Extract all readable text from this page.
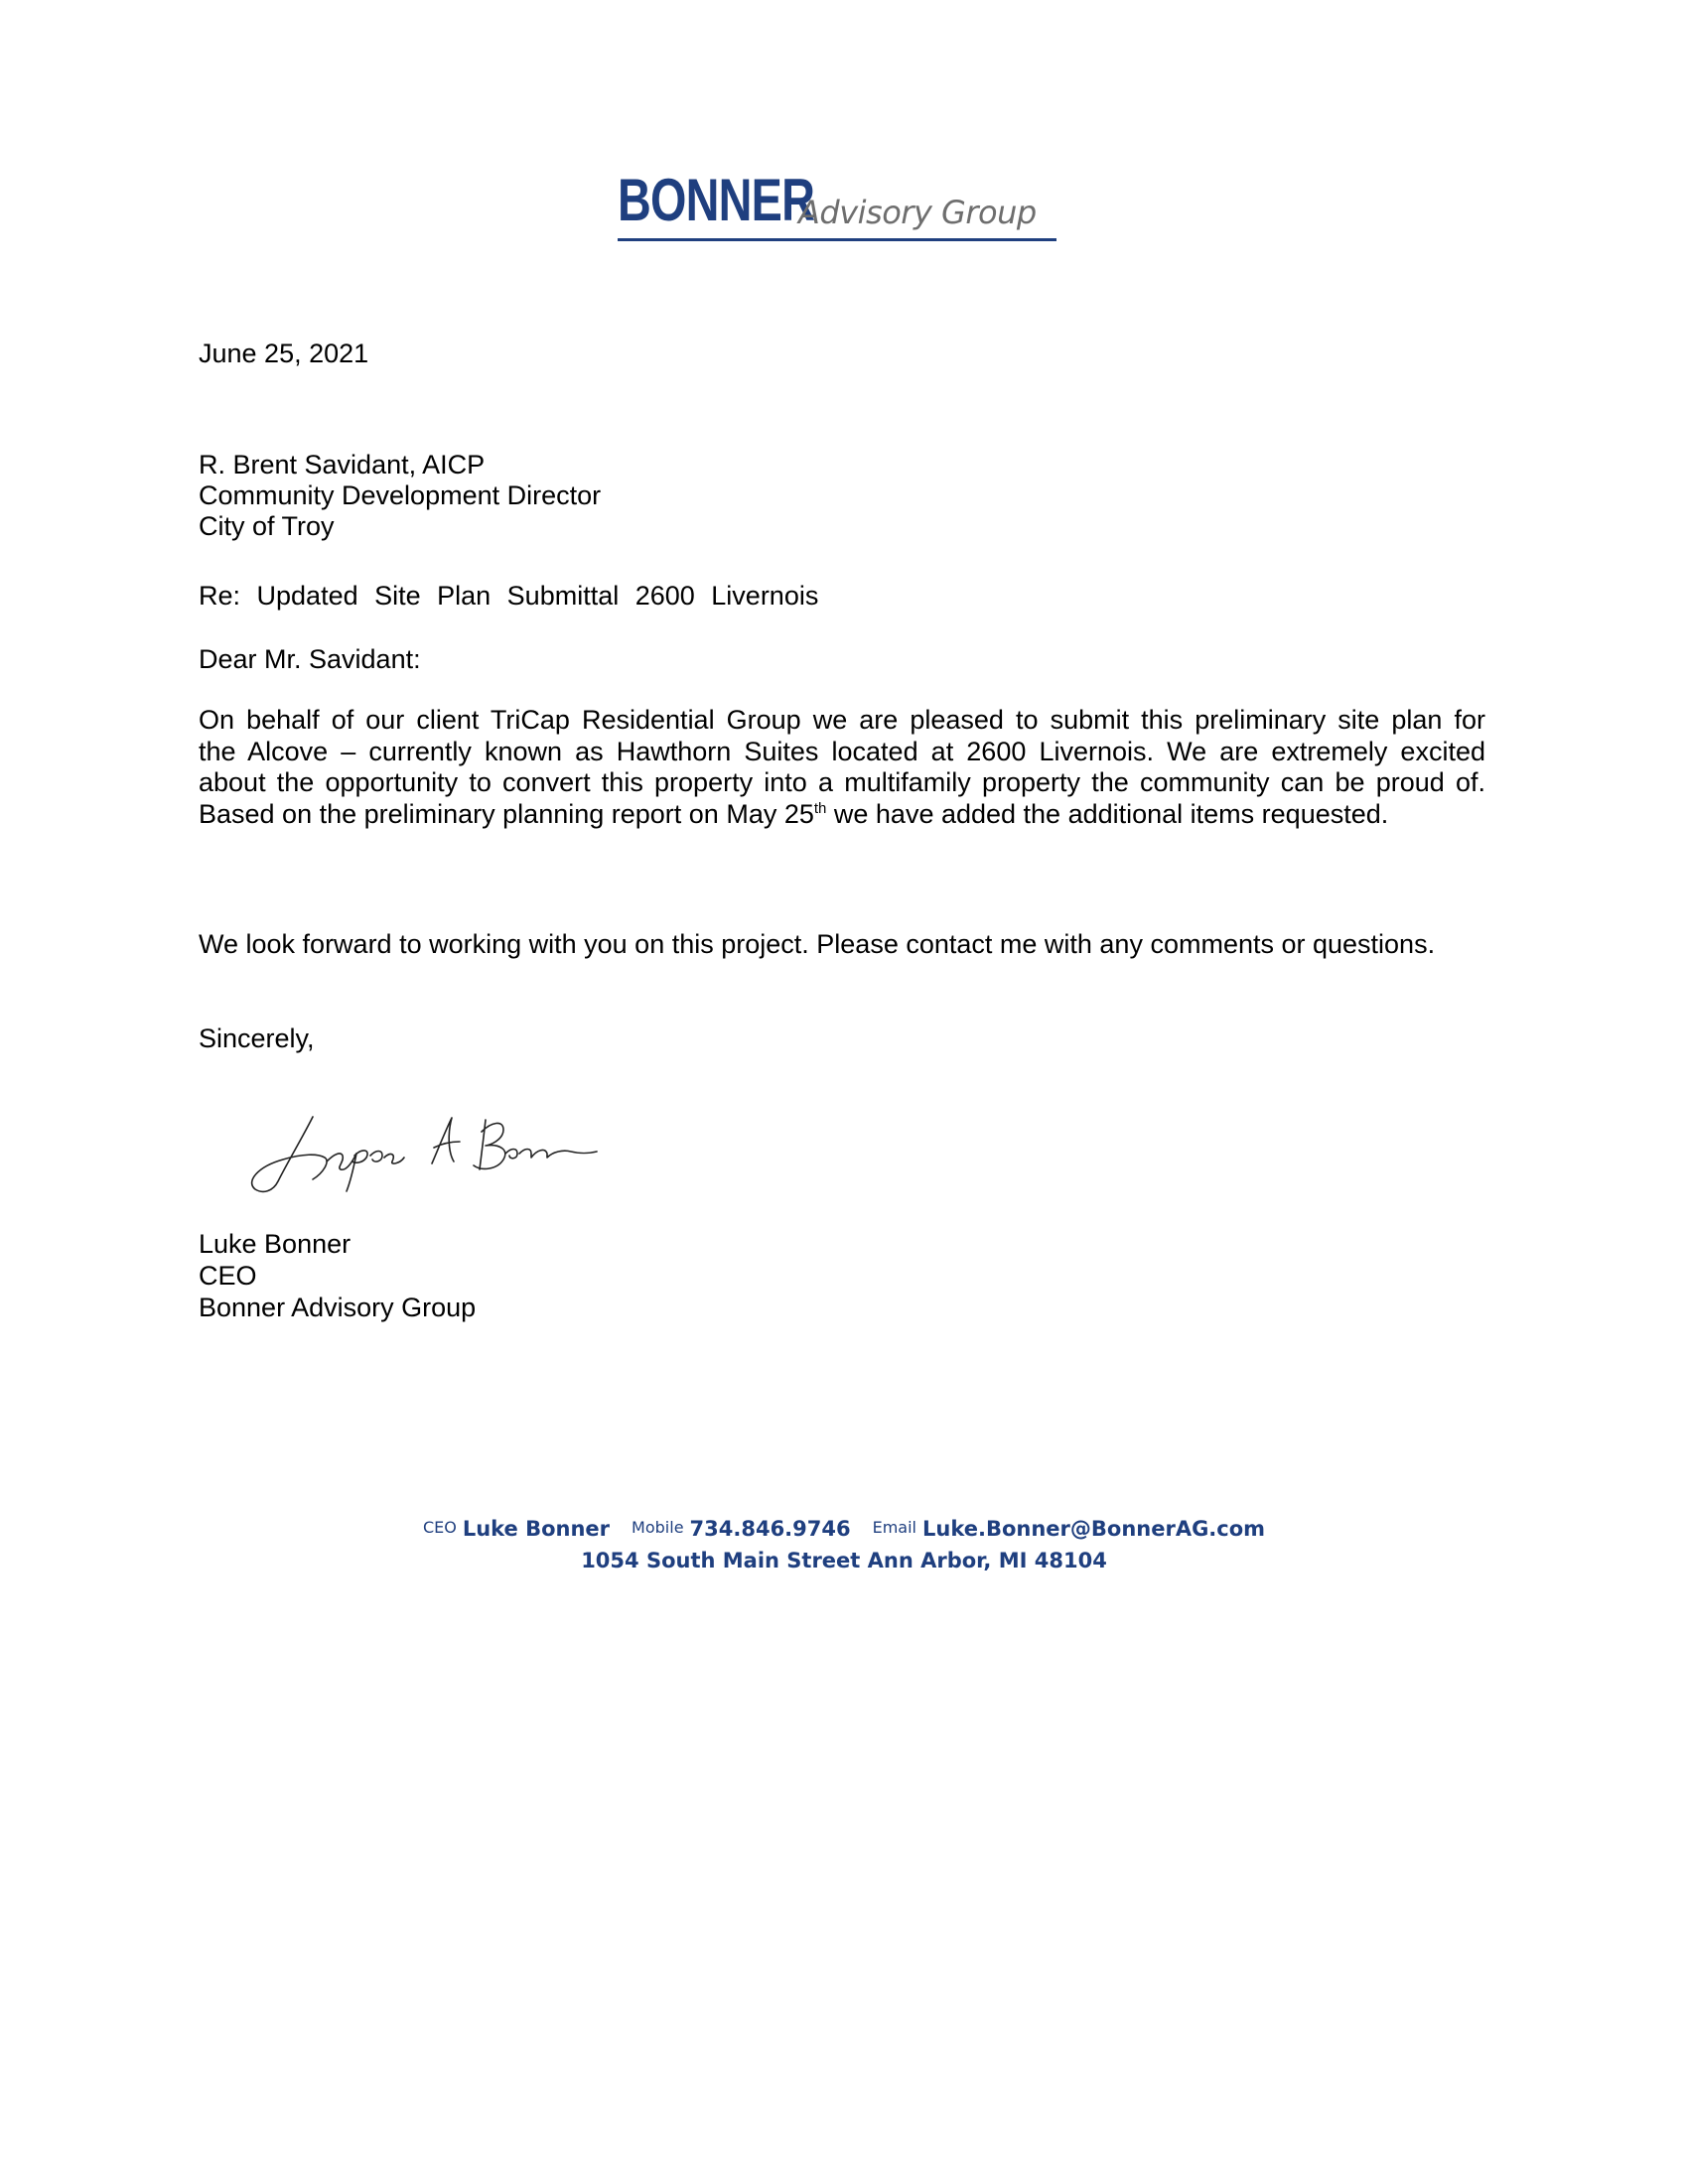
BONNER
Advisory Group
June 25, 2021
R. Brent Savidant, AICP
Community Development Director
City of Troy
Re: Updated Site Plan Submittal 2600 Livernois
Dear Mr. Savidant:
On behalf of our client TriCap Residential Group we are pleased to submit this preliminary site plan for
the Alcove – currently known as Hawthorn Suites located at 2600 Livernois. We are extremely excited
about the opportunity to convert this property into a multifamily property the community can be proud of.
Based on the preliminary planning report on May 25th we have added the additional items requested.
We look forward to working with you on this project. Please contact me with any comments or questions.
Sincerely,
Luke Bonner
CEO
Bonner Advisory Group
CEO Luke Bonner Mobile 734.846.9746 Email Luke.Bonner@BonnerAG.com
1054 South Main Street Ann Arbor, MI 48104
